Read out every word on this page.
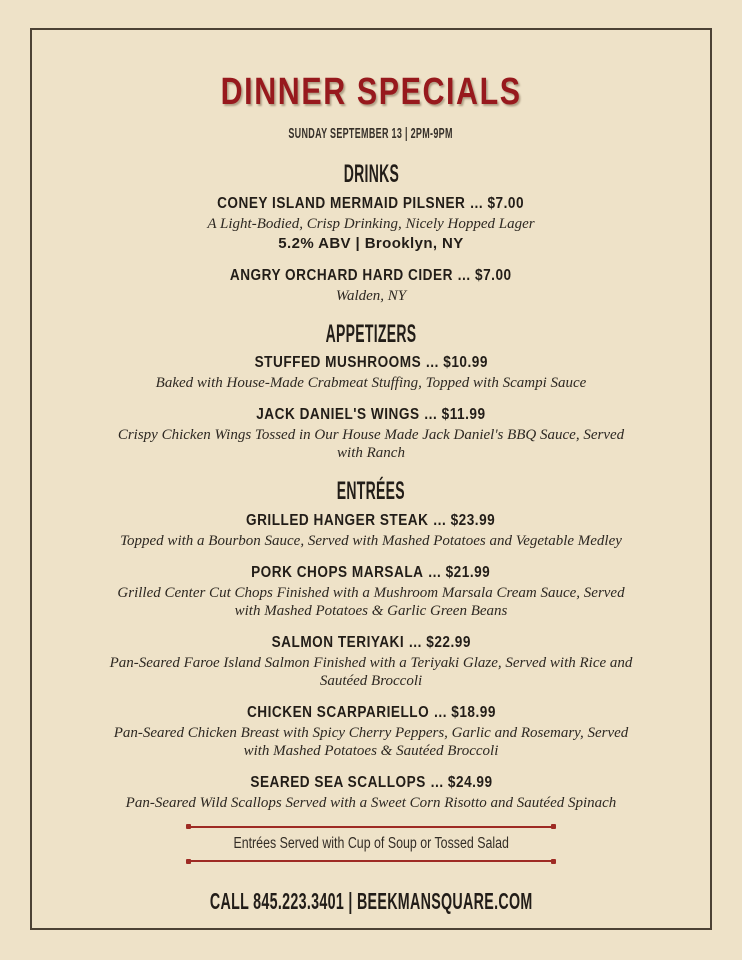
DINNER SPECIALS
SUNDAY SEPTEMBER 13 | 2PM-9PM
DRINKS
CONEY ISLAND MERMAID PILSNER … $7.00
A Light-Bodied, Crisp Drinking, Nicely Hopped Lager
5.2% ABV | Brooklyn, NY
ANGRY ORCHARD HARD CIDER … $7.00
Walden, NY
APPETIZERS
STUFFED MUSHROOMS … $10.99
Baked with House-Made Crabmeat Stuffing, Topped with Scampi Sauce
JACK DANIEL'S WINGS … $11.99
Crispy Chicken Wings Tossed in Our House Made Jack Daniel's BBQ Sauce, Served with Ranch
ENTRÉES
GRILLED HANGER STEAK … $23.99
Topped with a Bourbon Sauce, Served with Mashed Potatoes and Vegetable Medley
PORK CHOPS MARSALA … $21.99
Grilled Center Cut Chops Finished with a Mushroom Marsala Cream Sauce, Served with Mashed Potatoes & Garlic Green Beans
SALMON TERIYAKI … $22.99
Pan-Seared Faroe Island Salmon Finished with a Teriyaki Glaze, Served with Rice and Sautéed Broccoli
CHICKEN SCARPARIELLO … $18.99
Pan-Seared Chicken Breast with Spicy Cherry Peppers, Garlic and Rosemary, Served with Mashed Potatoes & Sautéed Broccoli
SEARED SEA SCALLOPS … $24.99
Pan-Seared Wild Scallops Served with a Sweet Corn Risotto and Sautéed Spinach
Entrées Served with Cup of Soup or Tossed Salad
CALL 845.223.3401 | BEEKMANSQUARE.COM
